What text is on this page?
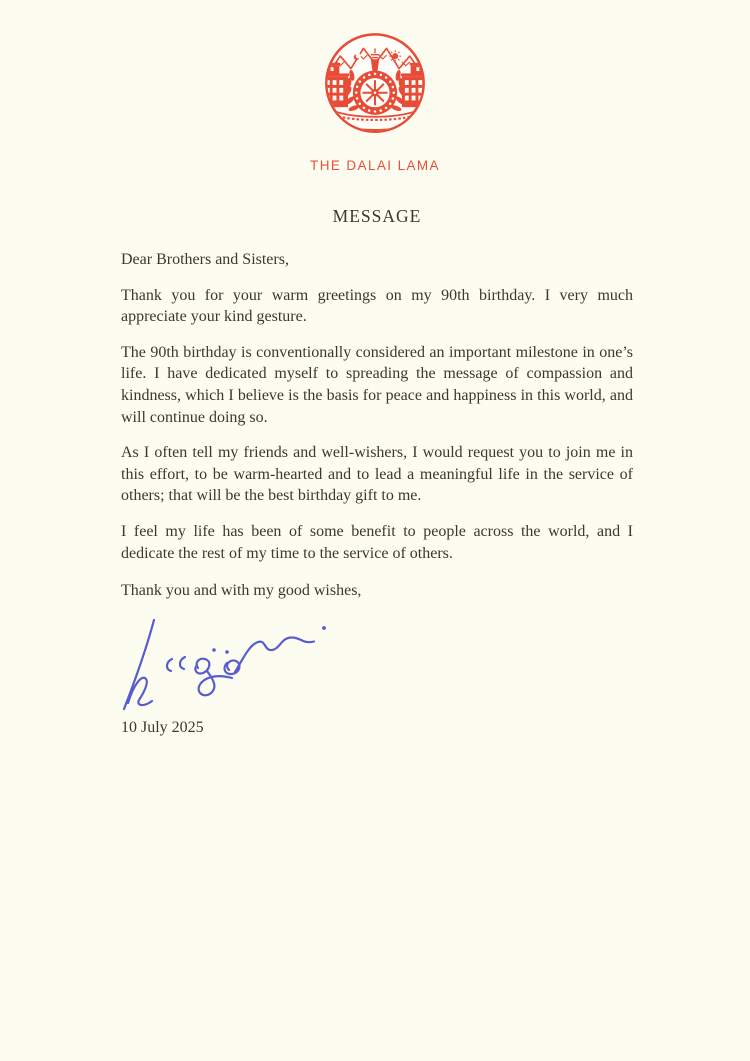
THE DALAI LAMA
MESSAGE

Dear Brothers and Sisters,

Thank you for your warm greetings on my 90th birthday. I very much appreciate your kind gesture.

The 90th birthday is conventionally considered an important milestone in one’s life. I have dedicated myself to spreading the message of compassion and kindness, which I believe is the basis for peace and happiness in this world, and will continue doing so.

As I often tell my friends and well-wishers, I would request you to join me in this effort, to be warm-hearted and to lead a meaningful life in the service of others; that will be the best birthday gift to me.

I feel my life has been of some benefit to people across the world, and I dedicate the rest of my time to the service of others.

Thank you and with my good wishes,

10 July 2025
